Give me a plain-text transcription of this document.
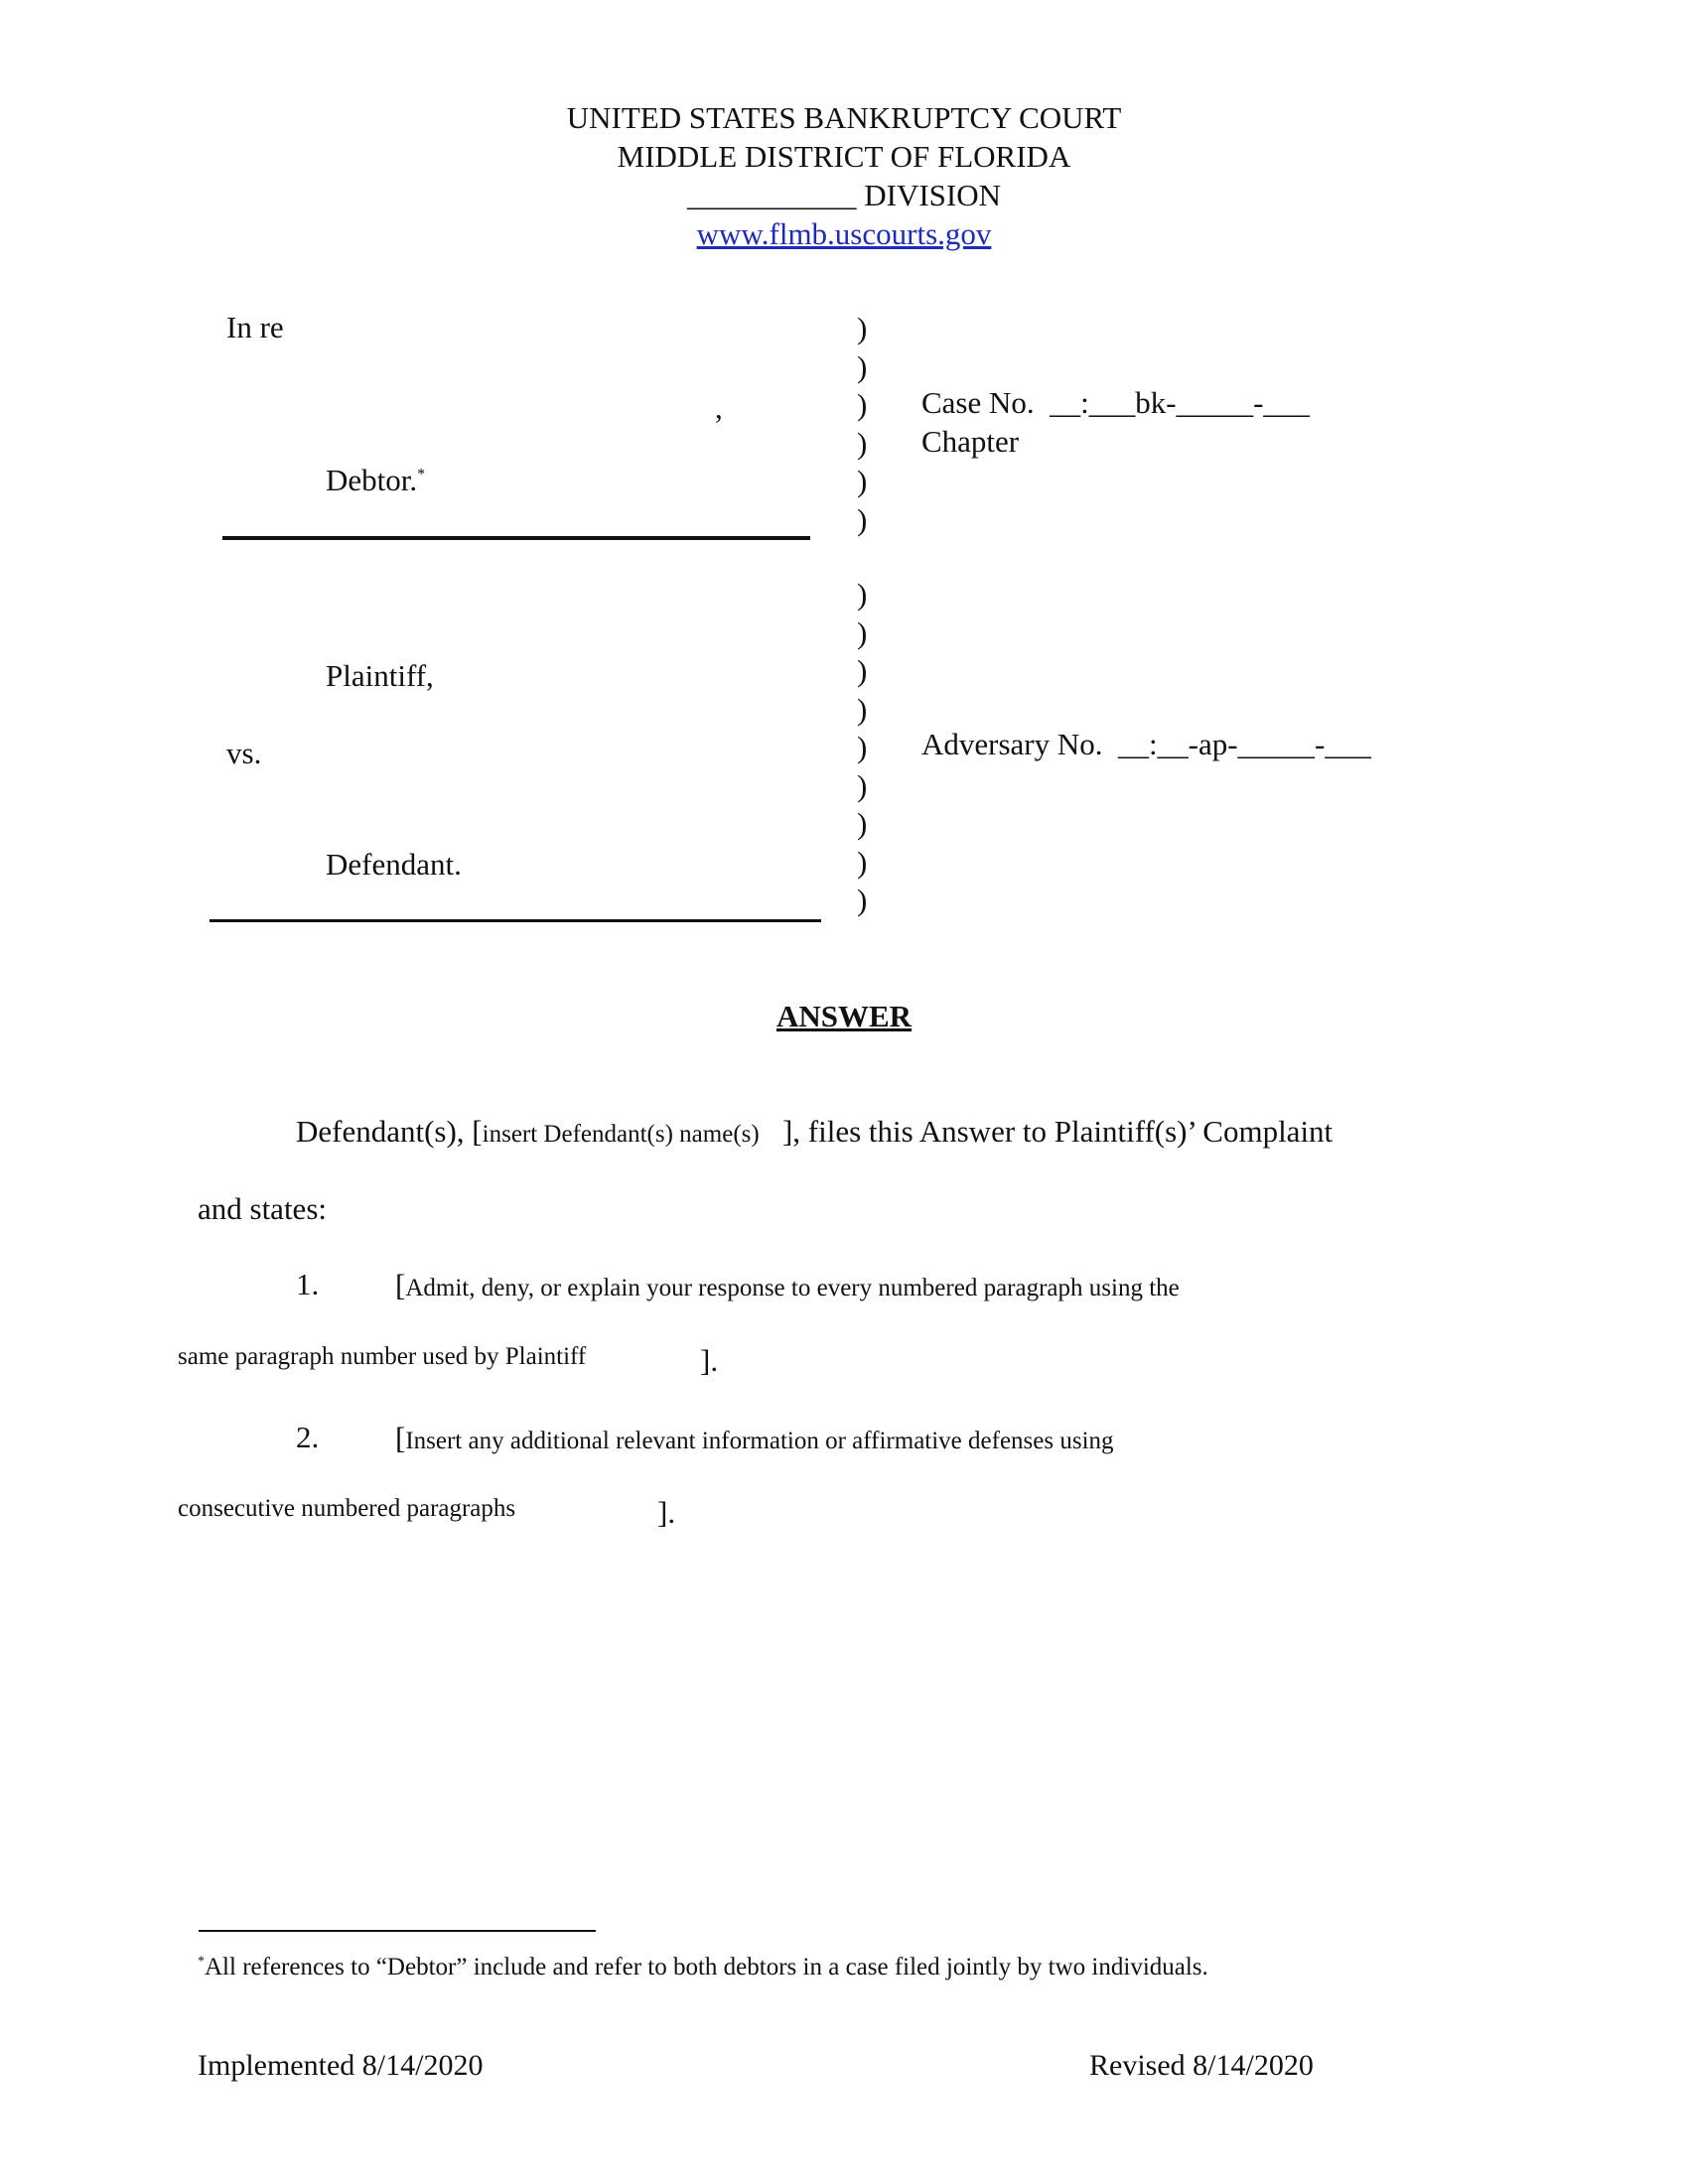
UNITED STATES BANKRUPTCY COURT
MIDDLE DISTRICT OF FLORIDA
___________ DIVISION
www.flmb.uscourts.gov
In re
,
Debtor.*
Plaintiff,
vs.
Defendant.
)
)
)
)
)
)
)
)
)
)
)
)
)
)
)
Case No. __:___bk-_____-___
Chapter
Adversary No. __:__-ap-_____-___
ANSWER
Defendant(s), [insert Defendant(s) name(s) ], files this Answer to Plaintiff(s)’ Complaint
and states:
1. [Admit, deny, or explain your response to every numbered paragraph using the
same paragraph number used by Plaintiff	].
2. [Insert any additional relevant information or affirmative defenses using
consecutive numbered paragraphs	].
*All references to “Debtor” include and refer to both debtors in a case filed jointly by two individuals.
Implemented 8/14/2020	Revised 8/14/2020
